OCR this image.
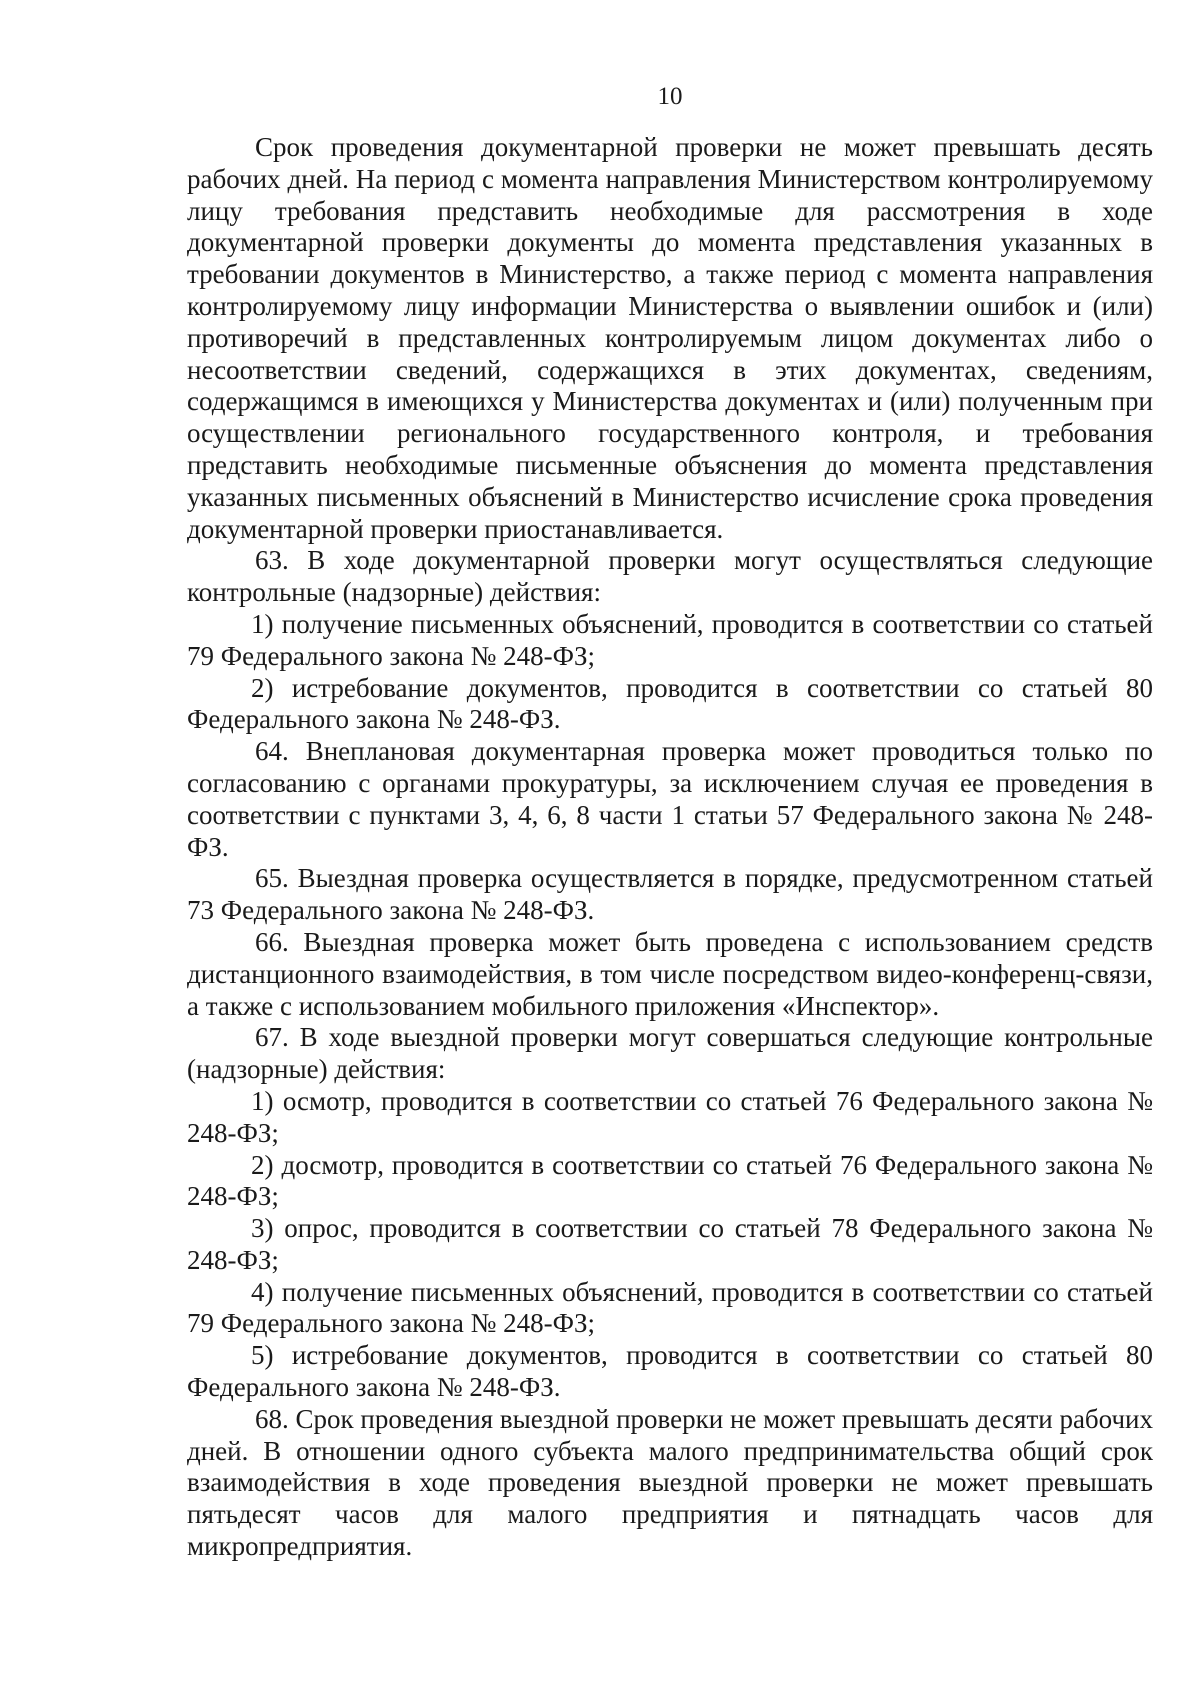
10

Срок проведения документарной проверки не может превышать десять рабочих дней. На период с момента направления Министерством контролируемому лицу требования представить необходимые для рассмотрения в ходе документарной проверки документы до момента представления указанных в требовании документов в Министерство, а также период с момента направления контролируемому лицу информации Министерства о выявлении ошибок и (или) противоречий в представленных контролируемым лицом документах либо о несоответствии сведений, содержащихся в этих документах, сведениям, содержащимся в имеющихся у Министерства документах и (или) полученным при осуществлении регионального государственного контроля, и требования представить необходимые письменные объяснения до момента представления указанных письменных объяснений в Министерство исчисление срока проведения документарной проверки приостанавливается.

63. В ходе документарной проверки могут осуществляться следующие контрольные (надзорные) действия:

1) получение письменных объяснений, проводится в соответствии со статьей 79 Федерального закона № 248-ФЗ;

2) истребование документов, проводится в соответствии со статьей 80 Федерального закона № 248-ФЗ.

64. Внеплановая документарная проверка может проводиться только по согласованию с органами прокуратуры, за исключением случая ее проведения в соответствии с пунктами 3, 4, 6, 8 части 1 статьи 57 Федерального закона № 248-ФЗ.

65. Выездная проверка осуществляется в порядке, предусмотренном статьей 73 Федерального закона № 248-ФЗ.

66. Выездная проверка может быть проведена с использованием средств дистанционного взаимодействия, в том числе посредством видео-конференц-связи, а также с использованием мобильного приложения «Инспектор».

67. В ходе выездной проверки могут совершаться следующие контрольные (надзорные) действия:

1) осмотр, проводится в соответствии со статьей 76 Федерального закона № 248-ФЗ;

2) досмотр, проводится в соответствии со статьей 76 Федерального закона № 248-ФЗ;

3) опрос, проводится в соответствии со статьей 78 Федерального закона № 248-ФЗ;

4) получение письменных объяснений, проводится в соответствии со статьей 79 Федерального закона № 248-ФЗ;

5) истребование документов, проводится в соответствии со статьей 80 Федерального закона № 248-ФЗ.

68. Срок проведения выездной проверки не может превышать десяти рабочих дней. В отношении одного субъекта малого предпринимательства общий срок взаимодействия в ходе проведения выездной проверки не может превышать пятьдесят часов для малого предприятия и пятнадцать часов для микропредприятия.
